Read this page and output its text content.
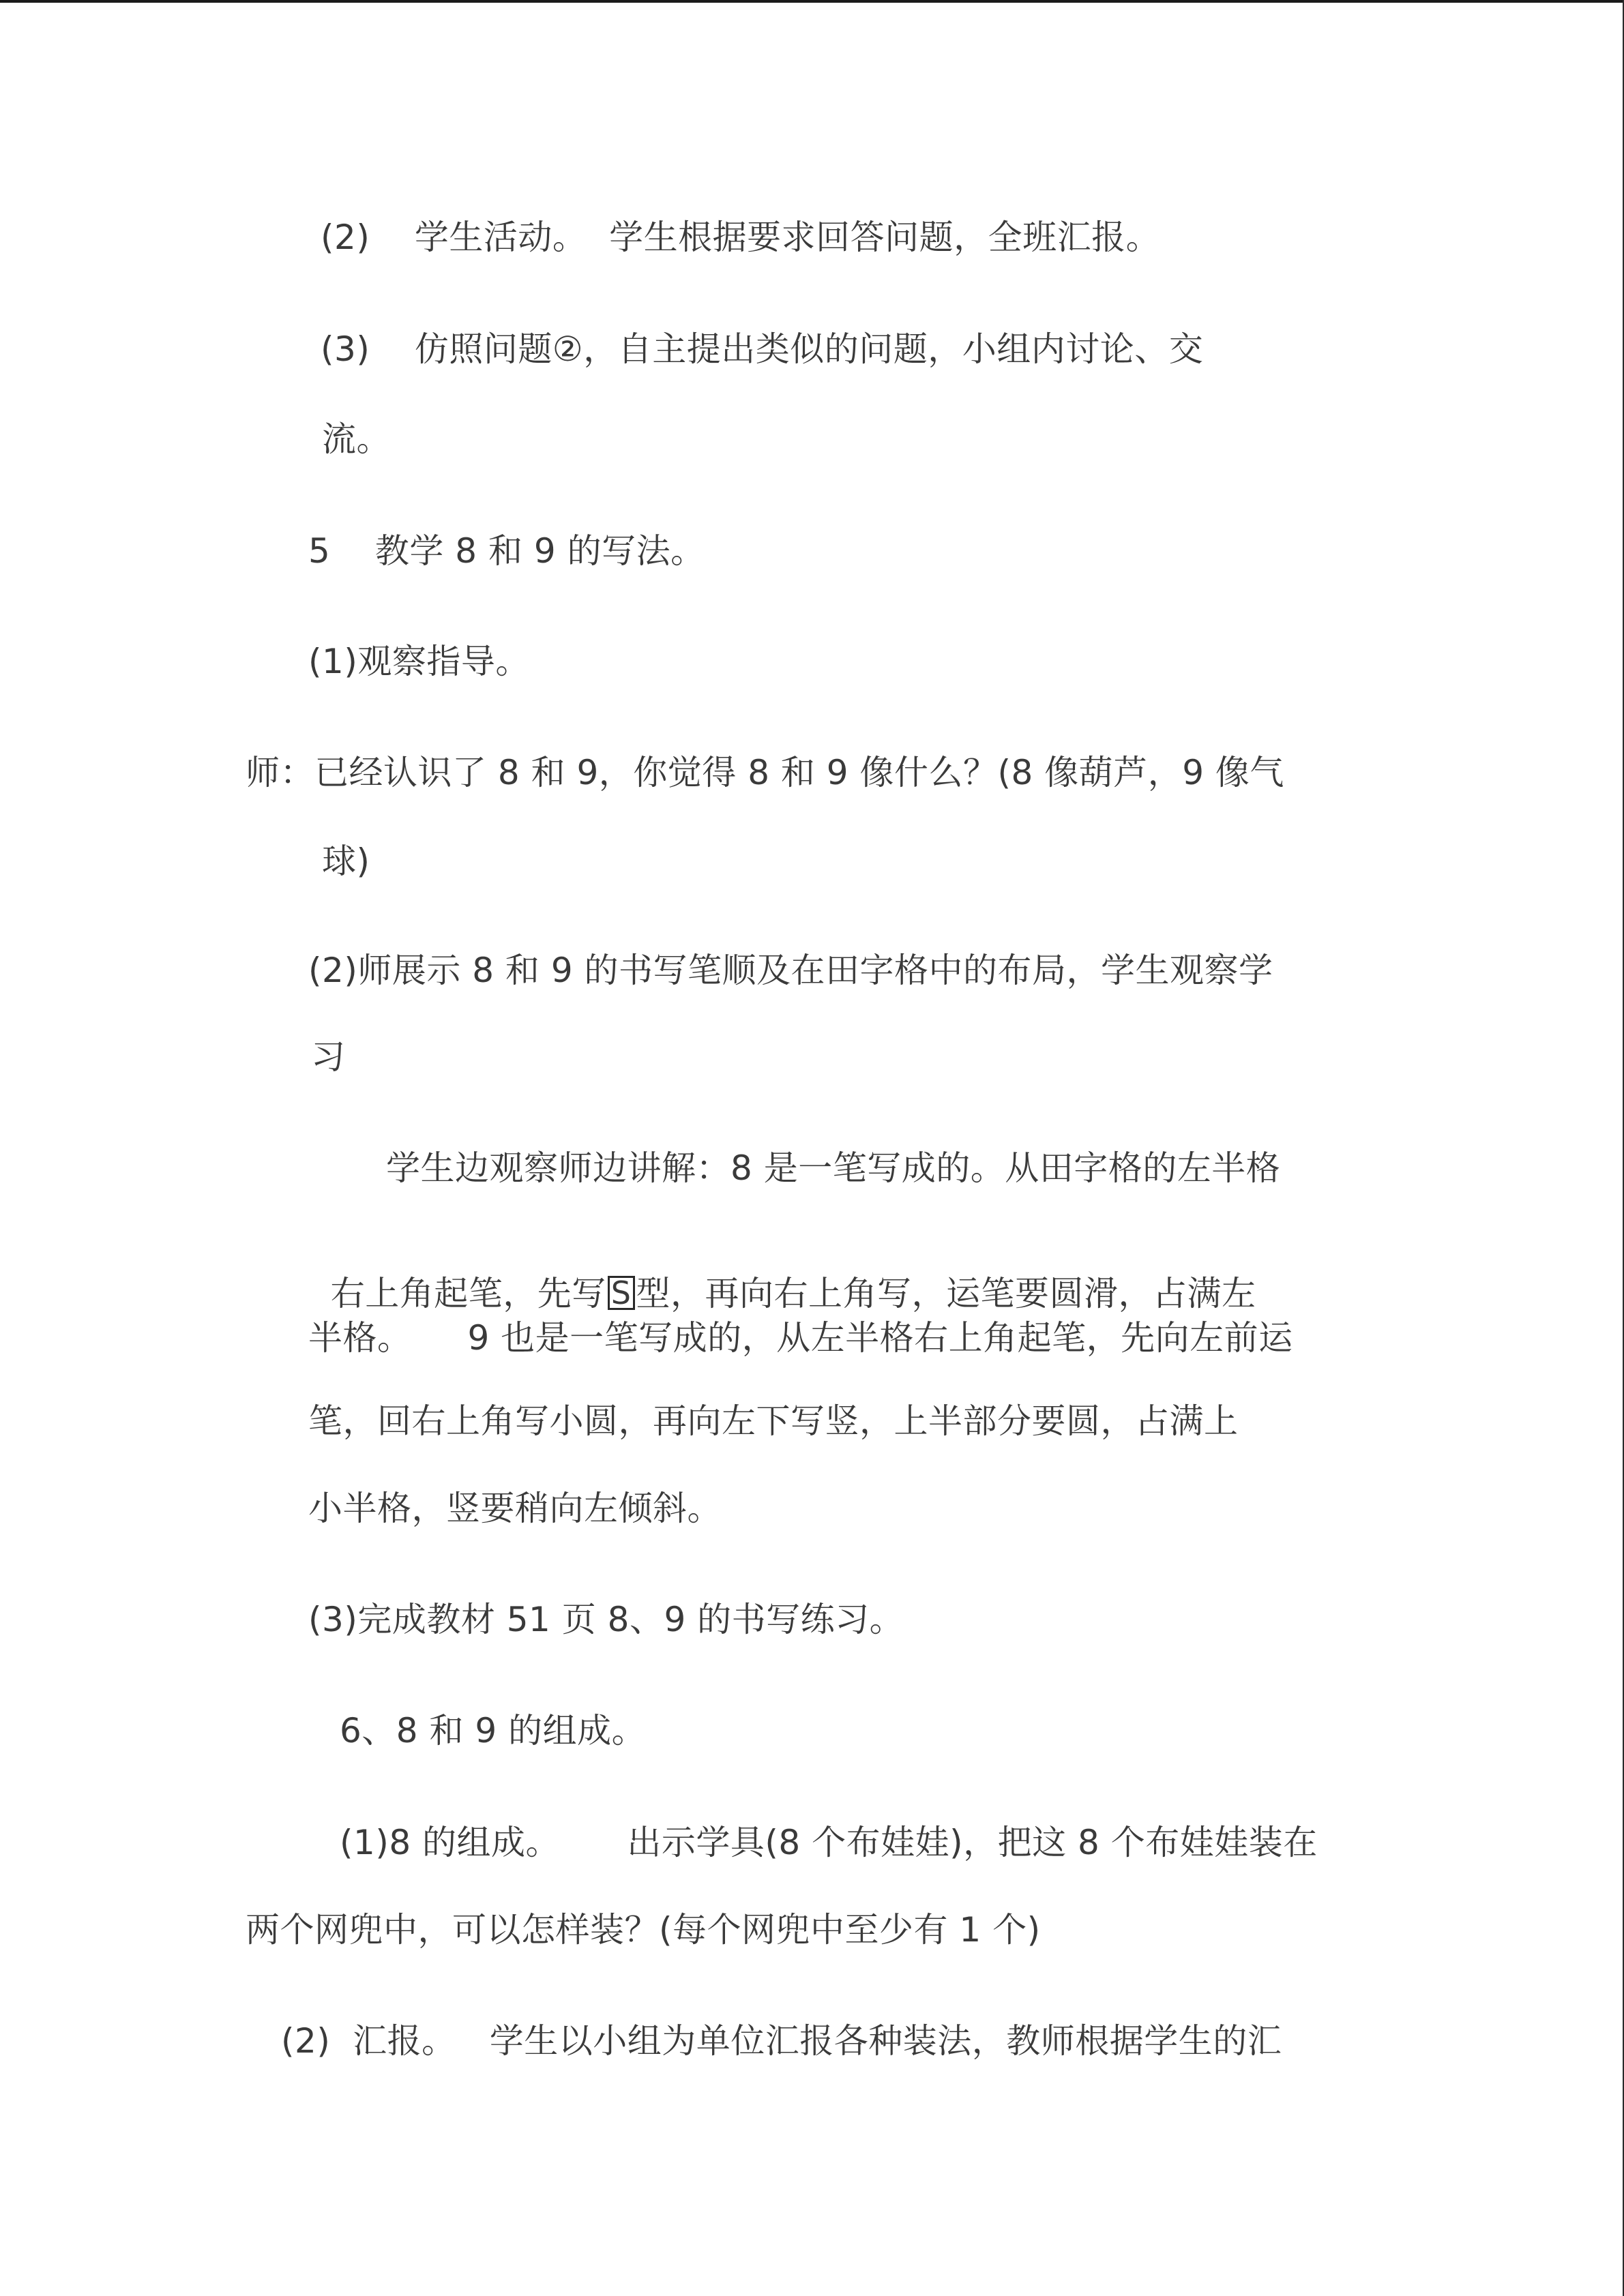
(2)    学生活动。  学生根据要求回答问题，全班汇报。
(3)    仿照问题②，自主提出类似的问题，小组内讨论、交
流。
5    教学 8 和 9 的写法。
(1)观察指导。
师：已经认识了 8 和 9，你觉得 8 和 9 像什么？(8 像葫芦，9 像气
球)
(2)师展示 8 和 9 的书写笔顺及在田字格中的布局，学生观察学
习
学生边观察师边讲解：8 是一笔写成的。从田字格的左半格

右上角起笔，先写 S 型，再向右上角写，运笔要圆滑，占满左

半格。     9 也是一笔写成的，从左半格右上角起笔，先向左前运
笔，回右上角写小圆，再向左下写竖，上半部分要圆，占满上
小半格，竖要稍向左倾斜。
(3)完成教材 51 页 8、9 的书写练习。
6、8 和 9 的组成。
(1)8 的组成。      出示学具(8 个布娃娃)，把这 8 个布娃娃装在
两个网兜中，可以怎样装？(每个网兜中至少有 1 个)
(2)  汇报。   学生以小组为单位汇报各种装法，教师根据学生的汇
